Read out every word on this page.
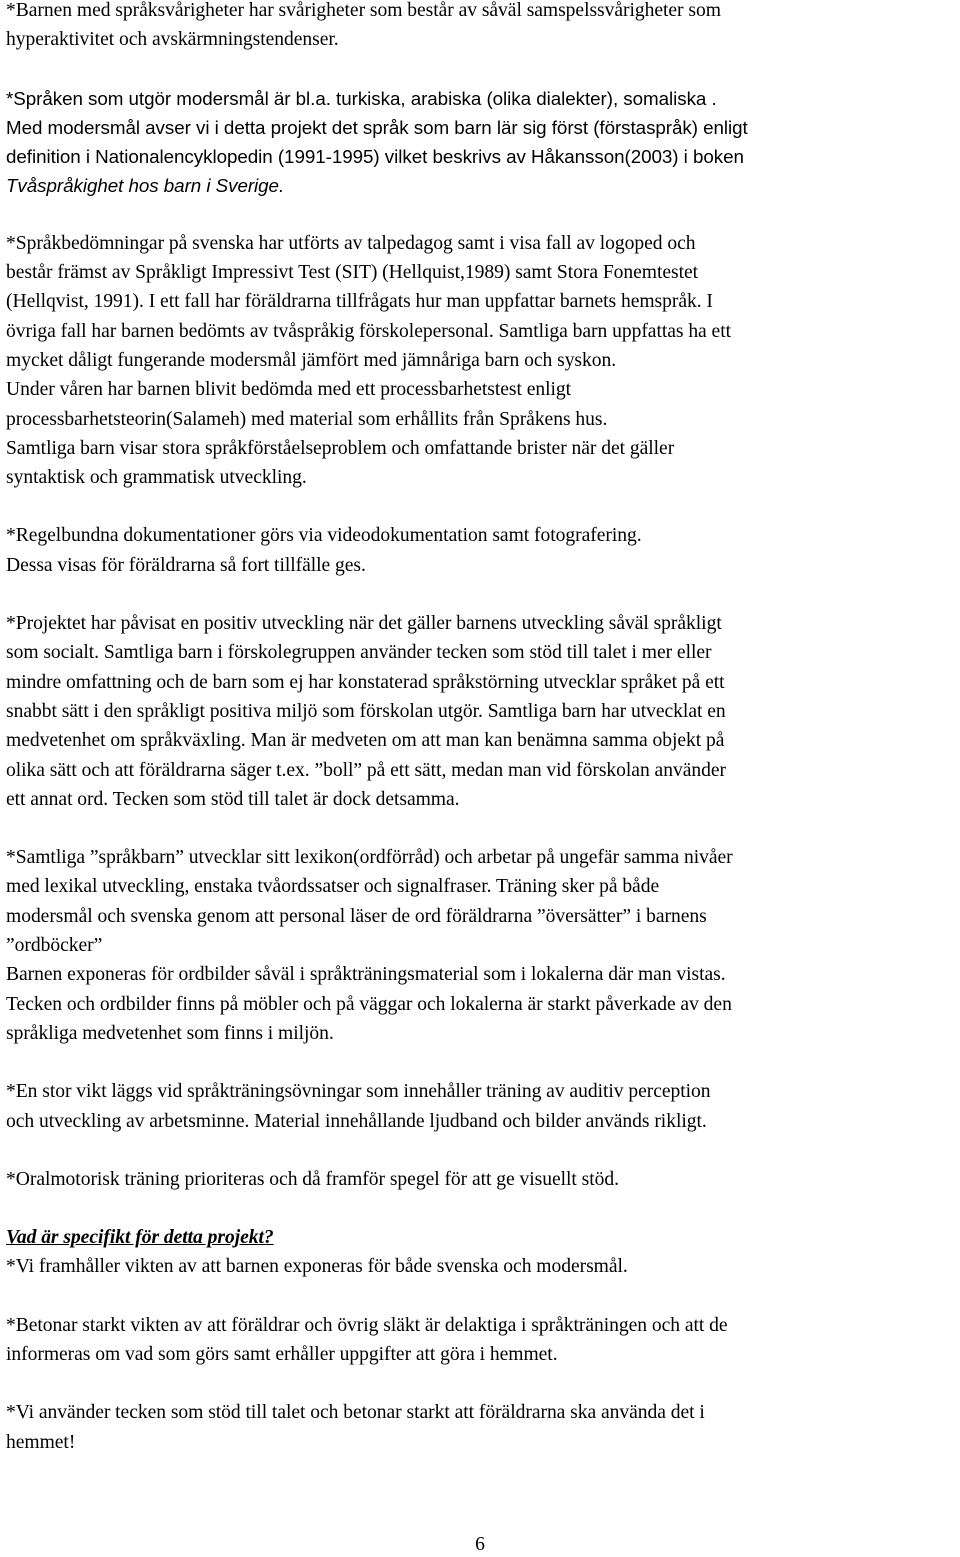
*Barnen med språksvårigheter har svårigheter som består av såväl samspelssvårigheter som
hyperaktivitet och avskärmningstendenser.

*Språken som utgör modersmål är bl.a. turkiska, arabiska (olika dialekter), somaliska .
Med modersmål avser vi i detta projekt det språk som barn lär sig först (förstaspråk) enligt
definition i Nationalencyklopedin (1991-1995) vilket beskrivs av Håkansson(2003) i boken
Tvåspråkighet hos barn i Sverige.

*Språkbedömningar på svenska har utförts av talpedagog samt i visa fall av logoped och
består främst av Språkligt Impressivt Test (SIT) (Hellquist,1989) samt Stora Fonemtestet
(Hellqvist, 1991). I ett fall har föräldrarna tillfrågats hur man uppfattar barnets hemspråk. I
övriga fall har barnen bedömts av tvåspråkig förskolepersonal. Samtliga barn uppfattas ha ett
mycket dåligt fungerande modersmål jämfört med jämnåriga barn och syskon.
Under våren har barnen blivit bedömda med ett processbarhetstest enligt
processbarhetsteorin(Salameh) med material som erhållits från Språkens hus.
Samtliga barn visar stora språkförståelseproblem och omfattande brister när det gäller
syntaktisk och grammatisk utveckling.

*Regelbundna dokumentationer görs via videodokumentation samt fotografering.
Dessa visas för föräldrarna så fort tillfälle ges.

*Projektet har påvisat en positiv utveckling när det gäller barnens utveckling såväl språkligt
som socialt. Samtliga barn i förskolegruppen använder tecken som stöd till talet i mer eller
mindre omfattning och de barn som ej har konstaterad språkstörning utvecklar språket på ett
snabbt sätt i den språkligt positiva miljö som förskolan utgör. Samtliga barn har utvecklat en
medvetenhet om språkväxling. Man är medveten om att man kan benämna samma objekt på
olika sätt och att föräldrarna säger t.ex. ”boll” på ett sätt, medan man vid förskolan använder
ett annat ord. Tecken som stöd till talet är dock detsamma.

*Samtliga ”språkbarn” utvecklar sitt lexikon(ordförråd) och arbetar på ungefär samma nivåer
med lexikal utveckling, enstaka tvåordssatser och signalfraser. Träning sker på både
modersmål och svenska genom att personal läser de ord föräldrarna ”översätter” i barnens
”ordböcker”
Barnen exponeras för ordbilder såväl i språkträningsmaterial som i lokalerna där man vistas.
Tecken och ordbilder finns på möbler och på väggar och lokalerna är starkt påverkade av den
språkliga medvetenhet som finns i miljön.

*En stor vikt läggs vid språkträningsövningar som innehåller träning av auditiv perception
och utveckling av arbetsminne. Material innehållande ljudband och bilder används rikligt.

*Oralmotorisk träning prioriteras och då framför spegel för att ge visuellt stöd.

Vad är specifikt för detta projekt?

*Vi framhåller vikten av att barnen exponeras för både svenska och modersmål.

*Betonar starkt vikten av att föräldrar och övrig släkt är delaktiga i språkträningen och att de
informeras om vad som görs samt erhåller uppgifter att göra i hemmet.

*Vi använder tecken som stöd till talet och betonar starkt att föräldrarna ska använda det i
hemmet!

6
